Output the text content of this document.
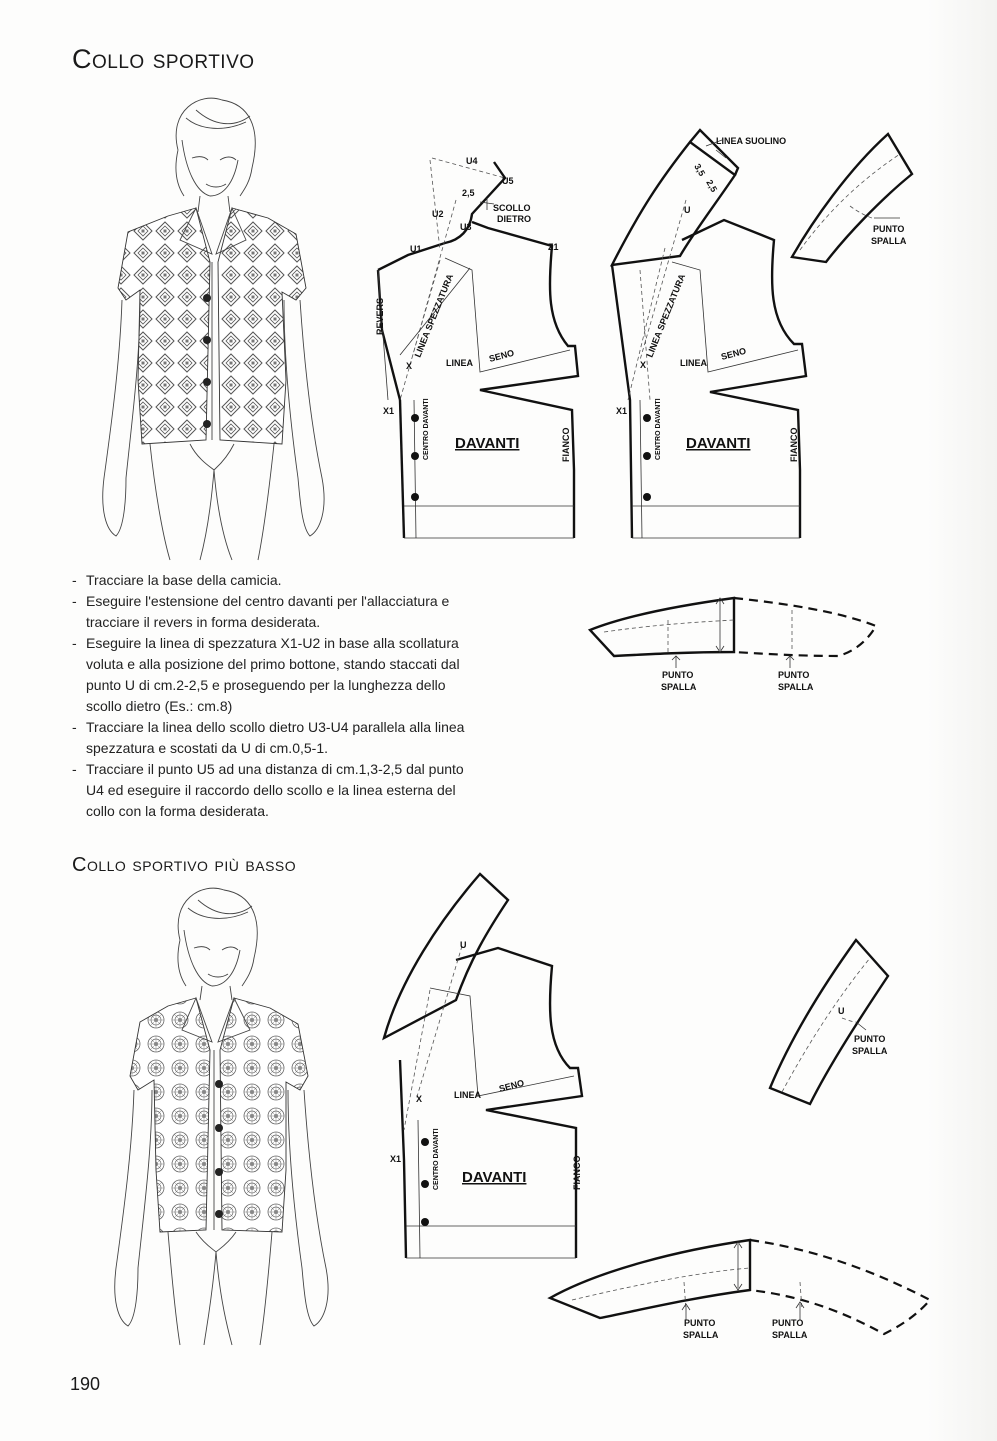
Collo sportivo
Collo sportivo più basso
- Tracciare la base della camicia.
- Eseguire l'estensione del centro davanti per l'allacciatura e tracciare il revers in forma desiderata.
- Eseguire la linea di spezzatura X1-U2 in base alla scollatura voluta e alla posizione del primo bottone, stando staccati dal punto U di cm.2-2,5 e proseguendo per la lunghezza dello scollo dietro (Es.: cm.8)
- Tracciare la linea dello scollo dietro U3-U4 parallela alla linea spezzatura e scostati da U di cm.0,5-1.
- Tracciare il punto U5 ad una distanza di cm.1,3-2,5 dal punto U4 ed eseguire il raccordo dello scollo e la linea esterna del collo con la forma desiderata.
190
U4
U5
U2
U3
U1	Z1
2,5
SCOLLO
DIETRO
REVERS	LINEA SPEZZATURA
LINEA SENO
X
X1	CENTRO DAVANTI DAVANTI	FIANCO
LINEA SUOLINO
3,5
2,5
U
LINEA SPEZZATURA
LINEA
SENO
X
X1	CENTRO DAVANTI DAVANTI	FIANCO
PUNTO
SPALLA
PUNTO
SPALLA
PUNTO
SPALLA
U
LINEA
SENO
X
X1	CENTRO DAVANTI DAVANTI	FIANCO
U
PUNTO
SPALLA
PUNTO
SPALLA
PUNTO
SPALLA
